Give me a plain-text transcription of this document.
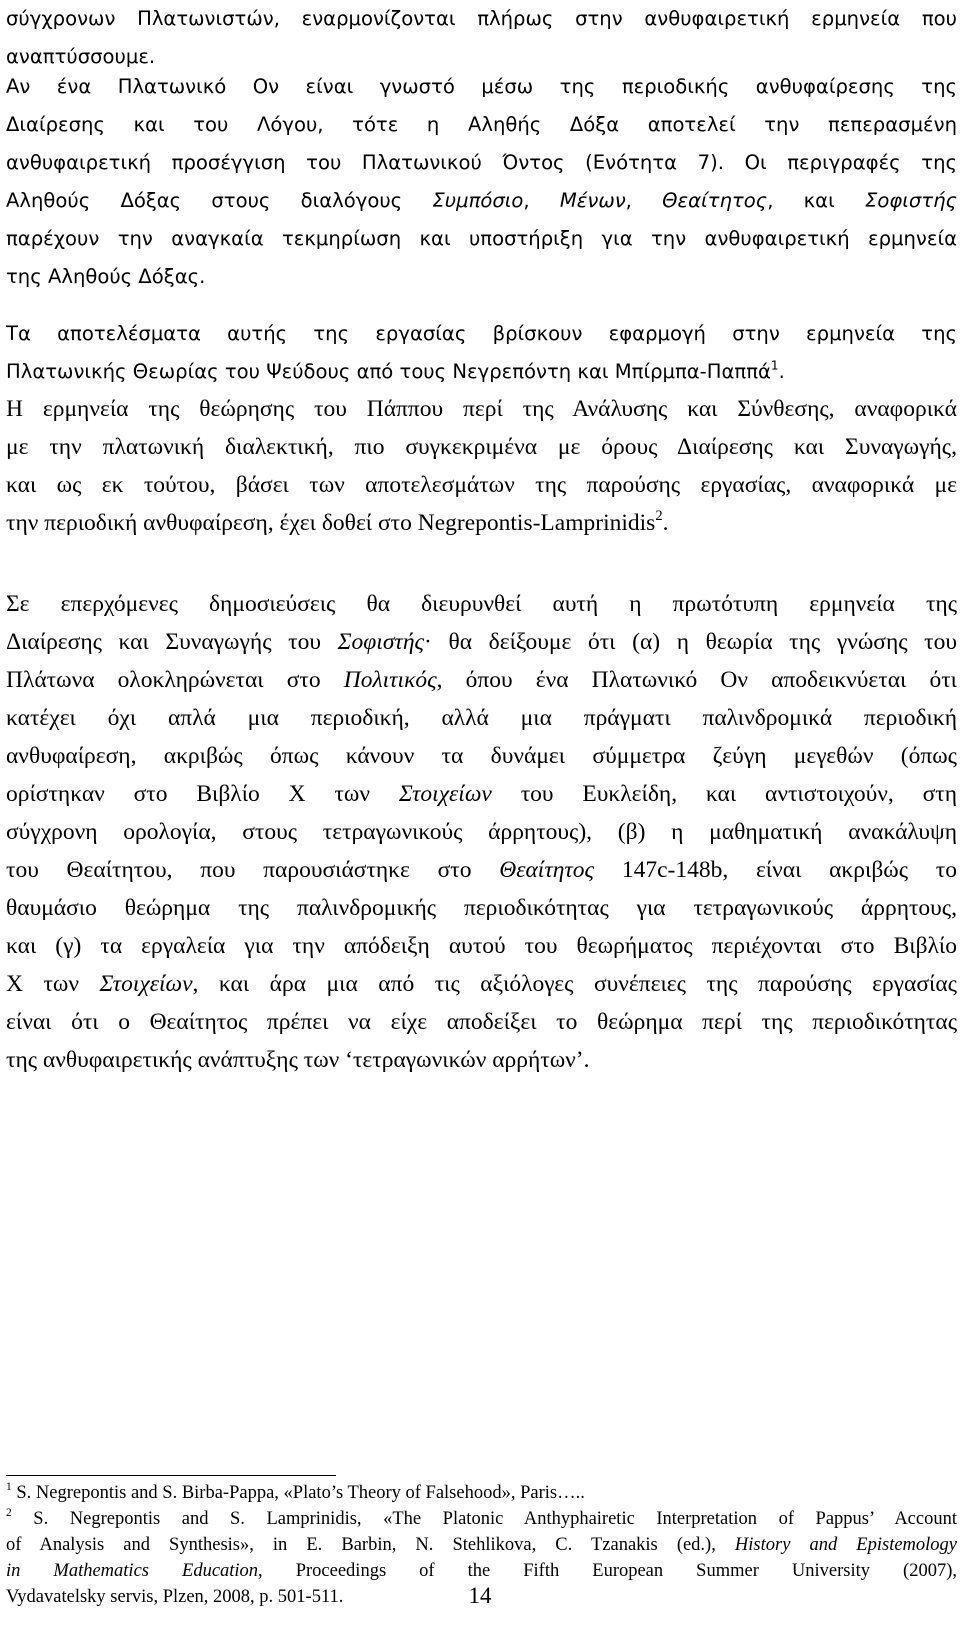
σύγχρονων Πλατωνιστών, εναρμονίζονται πλήρως στην ανθυφαιρετική ερμηνεία που
αναπτύσσουμε.
Αν ένα Πλατωνικό Ον είναι γνωστό μέσω της περιοδικής ανθυφαίρεσης της
Διαίρεσης και του Λόγου, τότε η Αληθής Δόξα αποτελεί την πεπερασμένη
ανθυφαιρετική προσέγγιση του Πλατωνικού Όντος (Ενότητα 7). Οι περιγραφές της
Αληθούς Δόξας στους διαλόγους Συμπόσιο, Μένων, Θεαίτητος, και Σοφιστής
παρέχουν την αναγκαία τεκμηρίωση και υποστήριξη για την ανθυφαιρετική ερμηνεία
της Αληθούς Δόξας.
Τα αποτελέσματα αυτής της εργασίας βρίσκουν εφαρμογή στην ερμηνεία της
Πλατωνικής Θεωρίας του Ψεύδους από τους Νεγρεπόντη και Μπίρμπα-Παππά$^1$.
Η ερμηνεία της θεώρησης του Πάππου περί της Ανάλυσης και Σύνθεσης, αναφορικά
με την πλατωνική διαλεκτική, πιο συγκεκριμένα με όρους Διαίρεσης και Συναγωγής,
και ως εκ τούτου, βάσει των αποτελεσμάτων της παρούσης εργασίας, αναφορικά με
την περιοδική ανθυφαίρεση, έχει δοθεί στο Negrepontis-Lamprinidis$^2$.
Σε επερχόμενες δημοσιεύσεις θα διευρυνθεί αυτή η πρωτότυπη ερμηνεία της
Διαίρεσης και Συναγωγής του Σοφιστής· θα δείξουμε ότι (α) η θεωρία της γνώσης του
Πλάτωνα ολοκληρώνεται στο Πολιτικός, όπου ένα Πλατωνικό Ον αποδεικνύεται ότι
κατέχει όχι απλά μια περιοδική, αλλά μια πράγματι παλινδρομικά περιοδική
ανθυφαίρεση, ακριβώς όπως κάνουν τα δυνάμει σύμμετρα ζεύγη μεγεθών (όπως
ορίστηκαν στο Βιβλίο Χ των Στοιχείων του Ευκλείδη, και αντιστοιχούν, στη
σύγχρονη ορολογία, στους τετραγωνικούς άρρητους), (β) η μαθηματική ανακάλυψη
του Θεαίτητου, που παρουσιάστηκε στο Θεαίτητος 147c-148b, είναι ακριβώς το
θαυμάσιο θεώρημα της παλινδρομικής περιοδικότητας για τετραγωνικούς άρρητους,
και (γ) τα εργαλεία για την απόδειξη αυτού του θεωρήματος περιέχονται στο Βιβλίο
Χ των Στοιχείων, και άρα μια από τις αξιόλογες συνέπειες της παρούσης εργασίας
είναι ότι ο Θεαίτητος πρέπει να είχε αποδείξει το θεώρημα περί της περιοδικότητας
της ανθυφαιρετικής ανάπτυξης των ‘τετραγωνικών αρρήτων’.
$^1$ S. Negrepontis and S. Birba-Pappa, «Plato’s Theory of Falsehood», Paris…..
$^2$ S. Negrepontis and S. Lamprinidis, «The Platonic Anthyphairetic Interpretation of Pappus’ Account
of Analysis and Synthesis», in E. Barbin, N. Stehlikova, C. Tzanakis (ed.), History and Epistemology
in Mathematics Education, Proceedings of the Fifth European Summer University (2007),
Vydavatelsky servis, Plzen, 2008, p. 501-511.	14
